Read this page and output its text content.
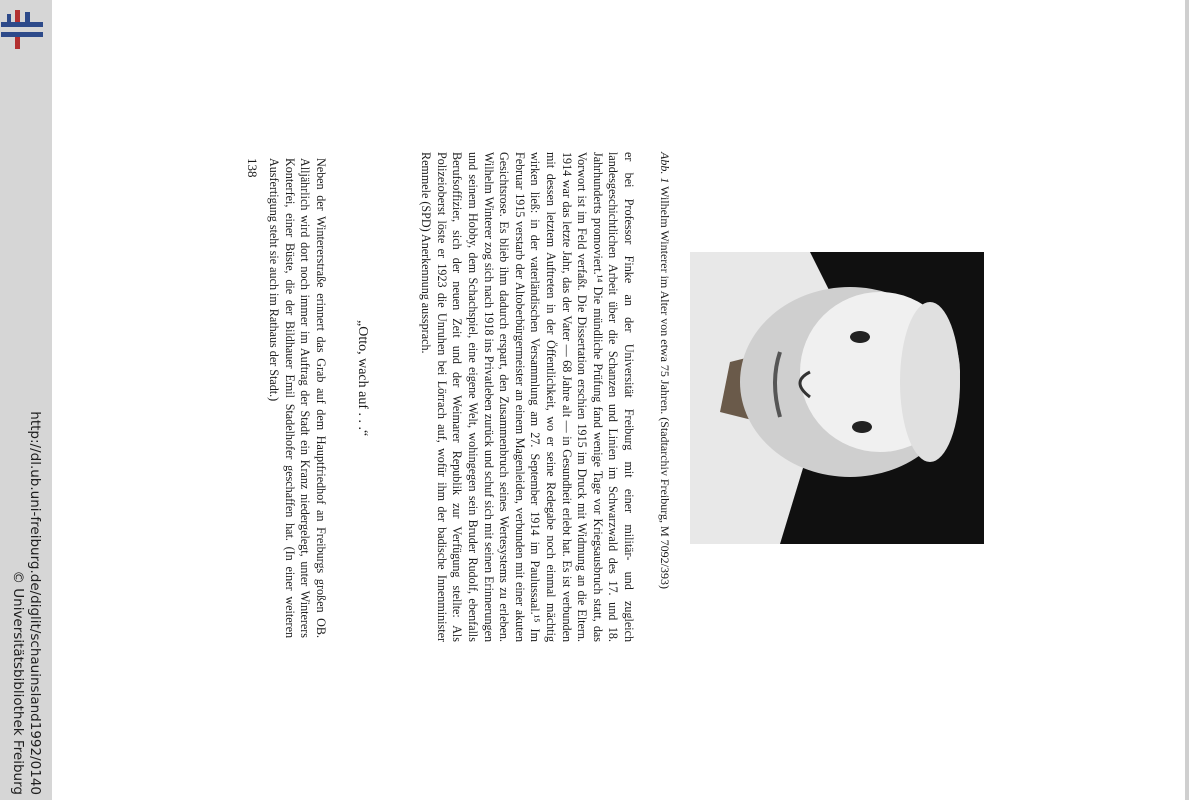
http://dl.ub.uni-freiburg.de/diglit/schauinsland1992/0140
© Universitätsbibliothek Freiburg
Abb. 1 Wilhelm Winterer im Alter von etwa 75 Jahren. (Stadtarchiv Freiburg, M 7092/393)

er bei Professor Finke an der Universität Freiburg mit einer militär- und zugleich landesgeschichtlichen Arbeit über die Schanzen und Linien im Schwarzwald des 17. und 18. Jahrhunderts promoviert.¹⁴ Die mündliche Prüfung fand wenige Tage vor Kriegsausbruch statt, das Vorwort ist im Feld verfaßt. Die Dissertation erschien 1915 im Druck mit Widmung an die Eltern. 1914 war das letzte Jahr, das der Vater — 68 Jahre alt — in Gesundheit erlebt hat. Es ist verbunden mit dessen letztem Auftreten in der Öffentlichkeit, wo er seine Redegabe noch einmal mächtig wirken ließ: in der vaterländischen Versammlung am 27. September 1914 im Paulussaal.¹⁵ Im Februar 1915 verstarb der Altoberbürgermeister an einem Magenleiden, verbunden mit einer akuten Gesichtsrose. Es blieb ihm dadurch erspart, den Zusammenbruch seines Wertesystems zu erleben. Wilhelm Winterer zog sich nach 1918 ins Privatleben zurück und schuf sich mit seinen Erinnerungen und seinem Hobby, dem Schachspiel, eine eigene Welt, wohingegen sein Bruder Rudolf, ebenfalls Berufsoffizier, sich der neuen Zeit und der Weimarer Republik zur Verfügung stellte: Als Polizeioberst löste er 1923 die Unruhen bei Lörrach auf, wofür ihm der badische Innenminister Remmele (SPD) Anerkennung aussprach.

„Otto, wach auf . . .“

Neben der Wintererstraße erinnert das Grab auf dem Hauptfriedhof an Freiburgs großen OB. Alljährlich wird dort noch immer im Auftrag der Stadt ein Kranz niedergelegt, unter Winterers Konterfei, einer Büste, die der Bildhauer Emil Stadelhofer geschaffen hat. (In einer weiteren Ausfertigung steht sie auch im Rathaus der Stadt.)

138
